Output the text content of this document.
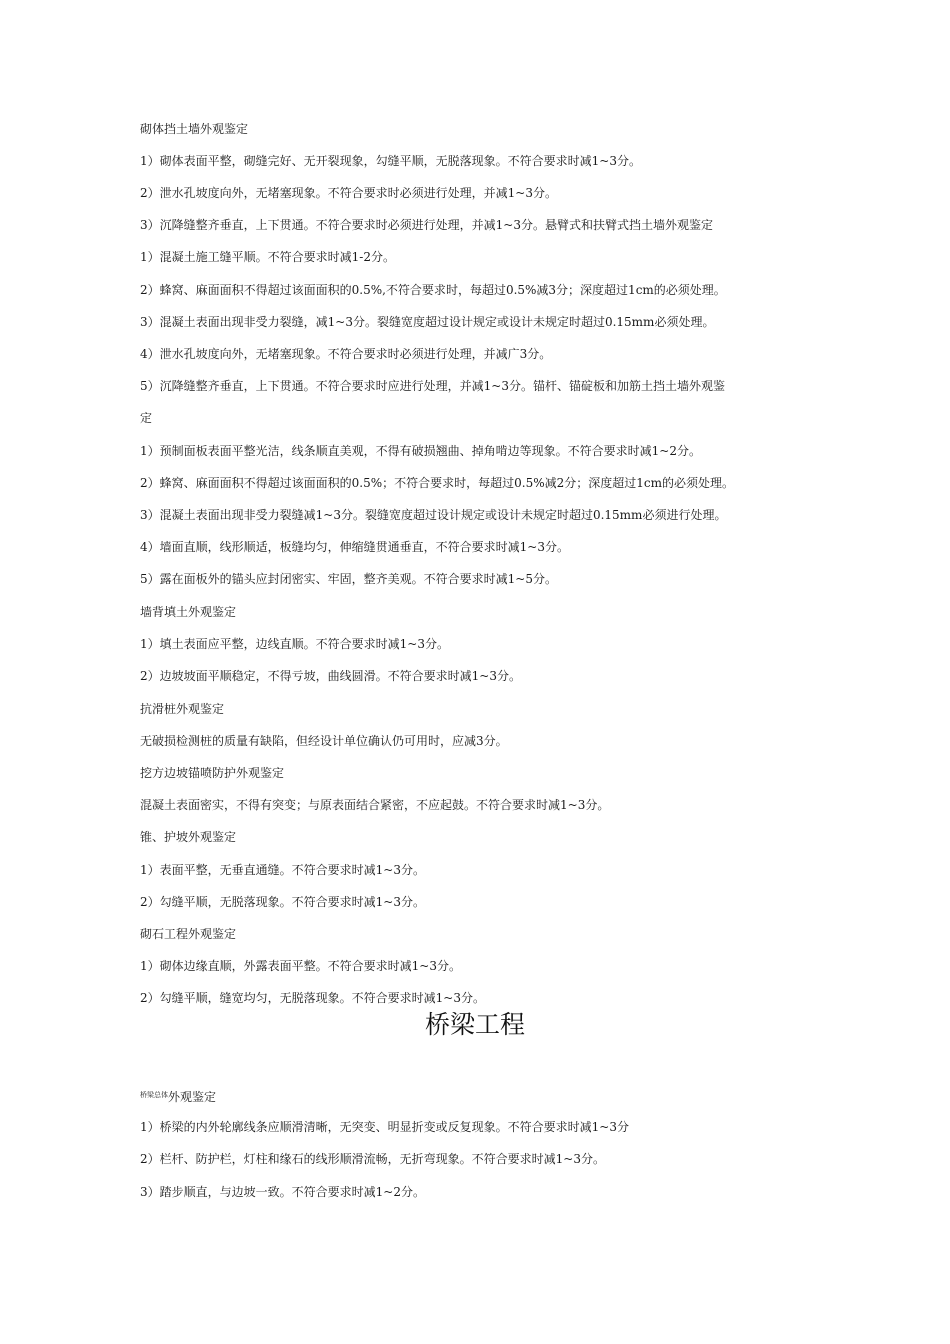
砌体挡土墙外观鉴定
1）砌体表面平整，砌缝完好、无开裂现象，勾缝平顺，无脱落现象。不符合要求时减1~3分。
2）泄水孔坡度向外，无堵塞现象。不符合要求时必须进行处理，并减1~3分。
3）沉降缝整齐垂直，上下贯通。不符合要求时必须进行处理，并减1~3分。悬臂式和扶臂式挡土墙外观鉴定
1）混凝土施工缝平顺。不符合要求时减1-2分。
2）蜂窝、麻面面积不得超过该面面积的0.5%,不符合要求时，每超过0.5%减3分；深度超过1cm的必须处理。
3）混凝土表面出现非受力裂缝，减1~3分。裂缝宽度超过设计规定或设计未规定时超过0.15mm必须处理。
4）泄水孔坡度向外，无堵塞现象。不符合要求时必须进行处理，并减广3分。
5）沉降缝整齐垂直，上下贯通。不符合要求时应进行处理，并减1~3分。锚杆、锚碇板和加筋土挡土墙外观鉴
定
1）预制面板表面平整光洁，线条顺直美观，不得有破损翘曲、掉角啃边等现象。不符合要求时减1~2分。
2）蜂窝、麻面面积不得超过该面面积的0.5%；不符合要求时，每超过0.5%减2分；深度超过1cm的必须处理。
3）混凝土表面出现非受力裂缝减1~3分。裂缝宽度超过设计规定或设计未规定时超过0.15mm必须进行处理。
4）墙面直顺，线形顺适，板缝均匀，伸缩缝贯通垂直，不符合要求时减1~3分。
5）露在面板外的锚头应封闭密实、牢固，整齐美观。不符合要求时减1~5分。
墙背填土外观鉴定
1）填土表面应平整，边线直顺。不符合要求时减1~3分。
2）边坡坡面平顺稳定，不得亏坡，曲线圆滑。不符合要求时减1~3分。
抗滑桩外观鉴定
无破损检测桩的质量有缺陷，但经设计单位确认仍可用时，应减3分。
挖方边坡锚喷防护外观鉴定
混凝土表面密实，不得有突变；与原表面结合紧密，不应起鼓。不符合要求时减1~3分。
锥、护坡外观鉴定
1）表面平整，无垂直通缝。不符合要求时减1~3分。
2）勾缝平顺，无脱落现象。不符合要求时减1~3分。
砌石工程外观鉴定
1）砌体边缘直顺，外露表面平整。不符合要求时减1~3分。
2）勾缝平顺，缝宽均匀，无脱落现象。不符合要求时减1~3分。
桥梁工程
$^{桥梁总体}$外观鉴定
1）桥梁的内外轮廓线条应顺滑清晰，无突变、明显折变或反复现象。不符合要求时减1~3分
2）栏杆、防护栏，灯柱和缘石的线形顺滑流畅，无折弯现象。不符合要求时减1~3分。
3）踏步顺直，与边坡一致。不符合要求时减1~2分。
